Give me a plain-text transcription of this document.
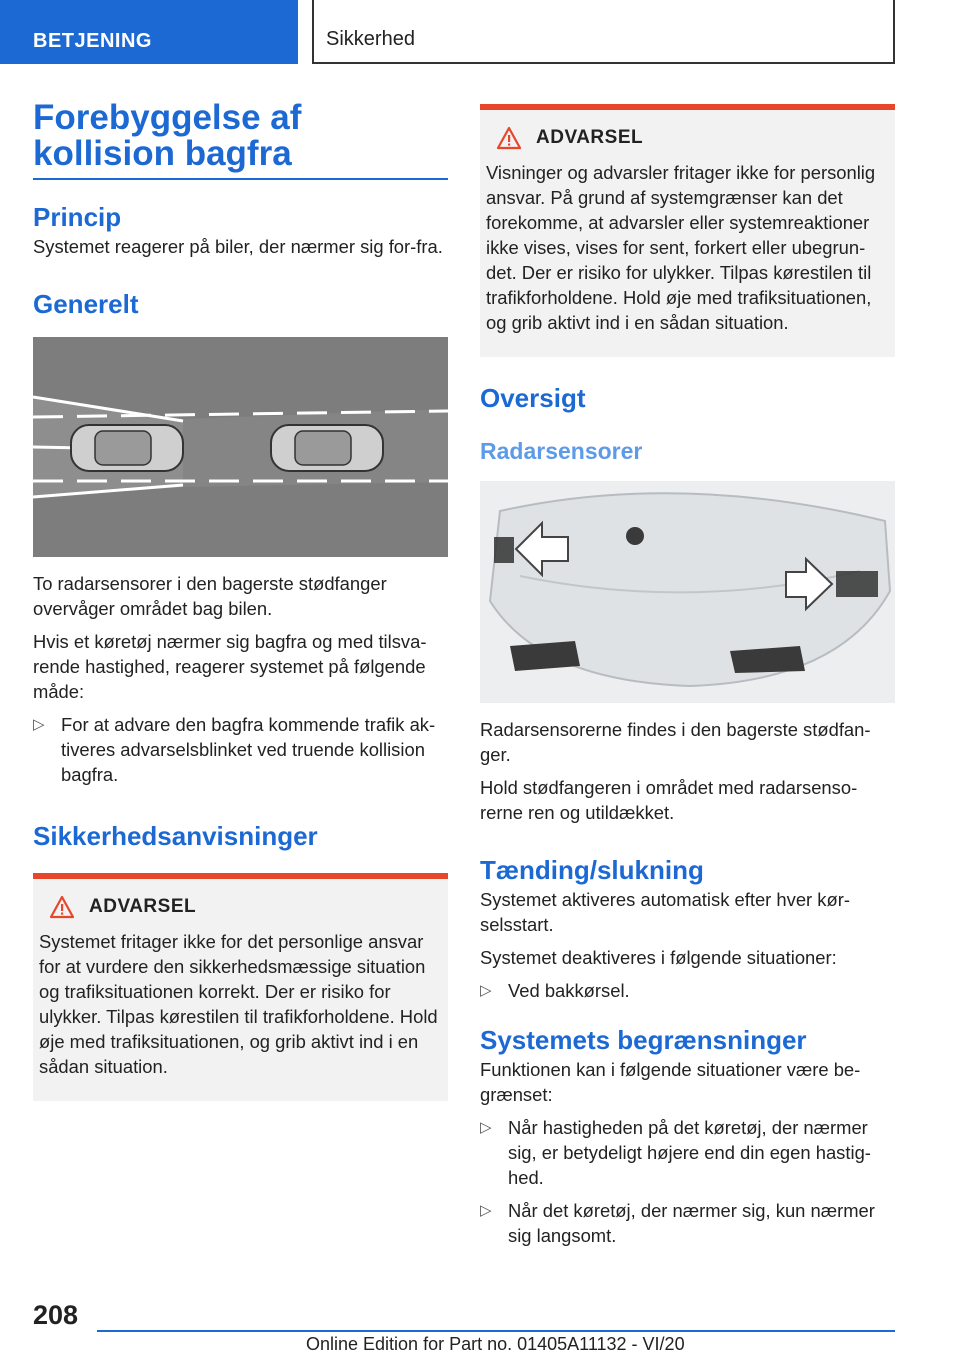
BETJENING	Sikkerhed
Forebyggelse af kollision bagfra
Princip

Systemet reagerer på biler, der nærmer sig for-fra.

Generelt

To radarsensorer i den bagerste stødfanger overvåger området bag bilen.

Hvis et køretøj nærmer sig bagfra og med tilsva-rende hastighed, reagerer systemet på følgende måde:

▷ For at advare den bagfra kommende trafik ak-tiveres advarselsblinket ved truende kollision bagfra.
Sikkerhedsanvisninger
ADVARSEL

Systemet fritager ikke for det personlige ansvar for at vurdere den sikkerhedsmæssige situation og trafiksituationen korrekt. Der er risiko for ulykker. Tilpas kørestilen til trafikforholdene. Hold øje med trafiksituationen, og grib aktivt ind i en sådan situation.

ADVARSEL

Visninger og advarsler fritager ikke for personlig ansvar. På grund af systemgrænser kan det forekomme, at advarsler eller systemreaktioner ikke vises, vises for sent, forkert eller ubegrun-det. Der er risiko for ulykker. Tilpas kørestilen til trafikforholdene. Hold øje med trafiksituationen, og grib aktivt ind i en sådan situation.

Oversigt
Radarsensorer

Radarsensorerne findes i den bagerste stødfan-ger.

Hold stødfangeren i området med radarsenso-rerne ren og utildækket.

Tænding/slukning

Systemet aktiveres automatisk efter hver kør-selsstart.

Systemet deaktiveres i følgende situationer:

▷ Ved bakkørsel.
Systemets begrænsninger

Funktionen kan i følgende situationer være be-grænset:

▷ Når hastigheden på det køretøj, der nærmer sig, er betydeligt højere end din egen hastig-hed.
▷ Når det køretøj, der nærmer sig, kun nærmer sig langsomt.
208
Online Edition for Part no. 01405A11132 - VI/20
